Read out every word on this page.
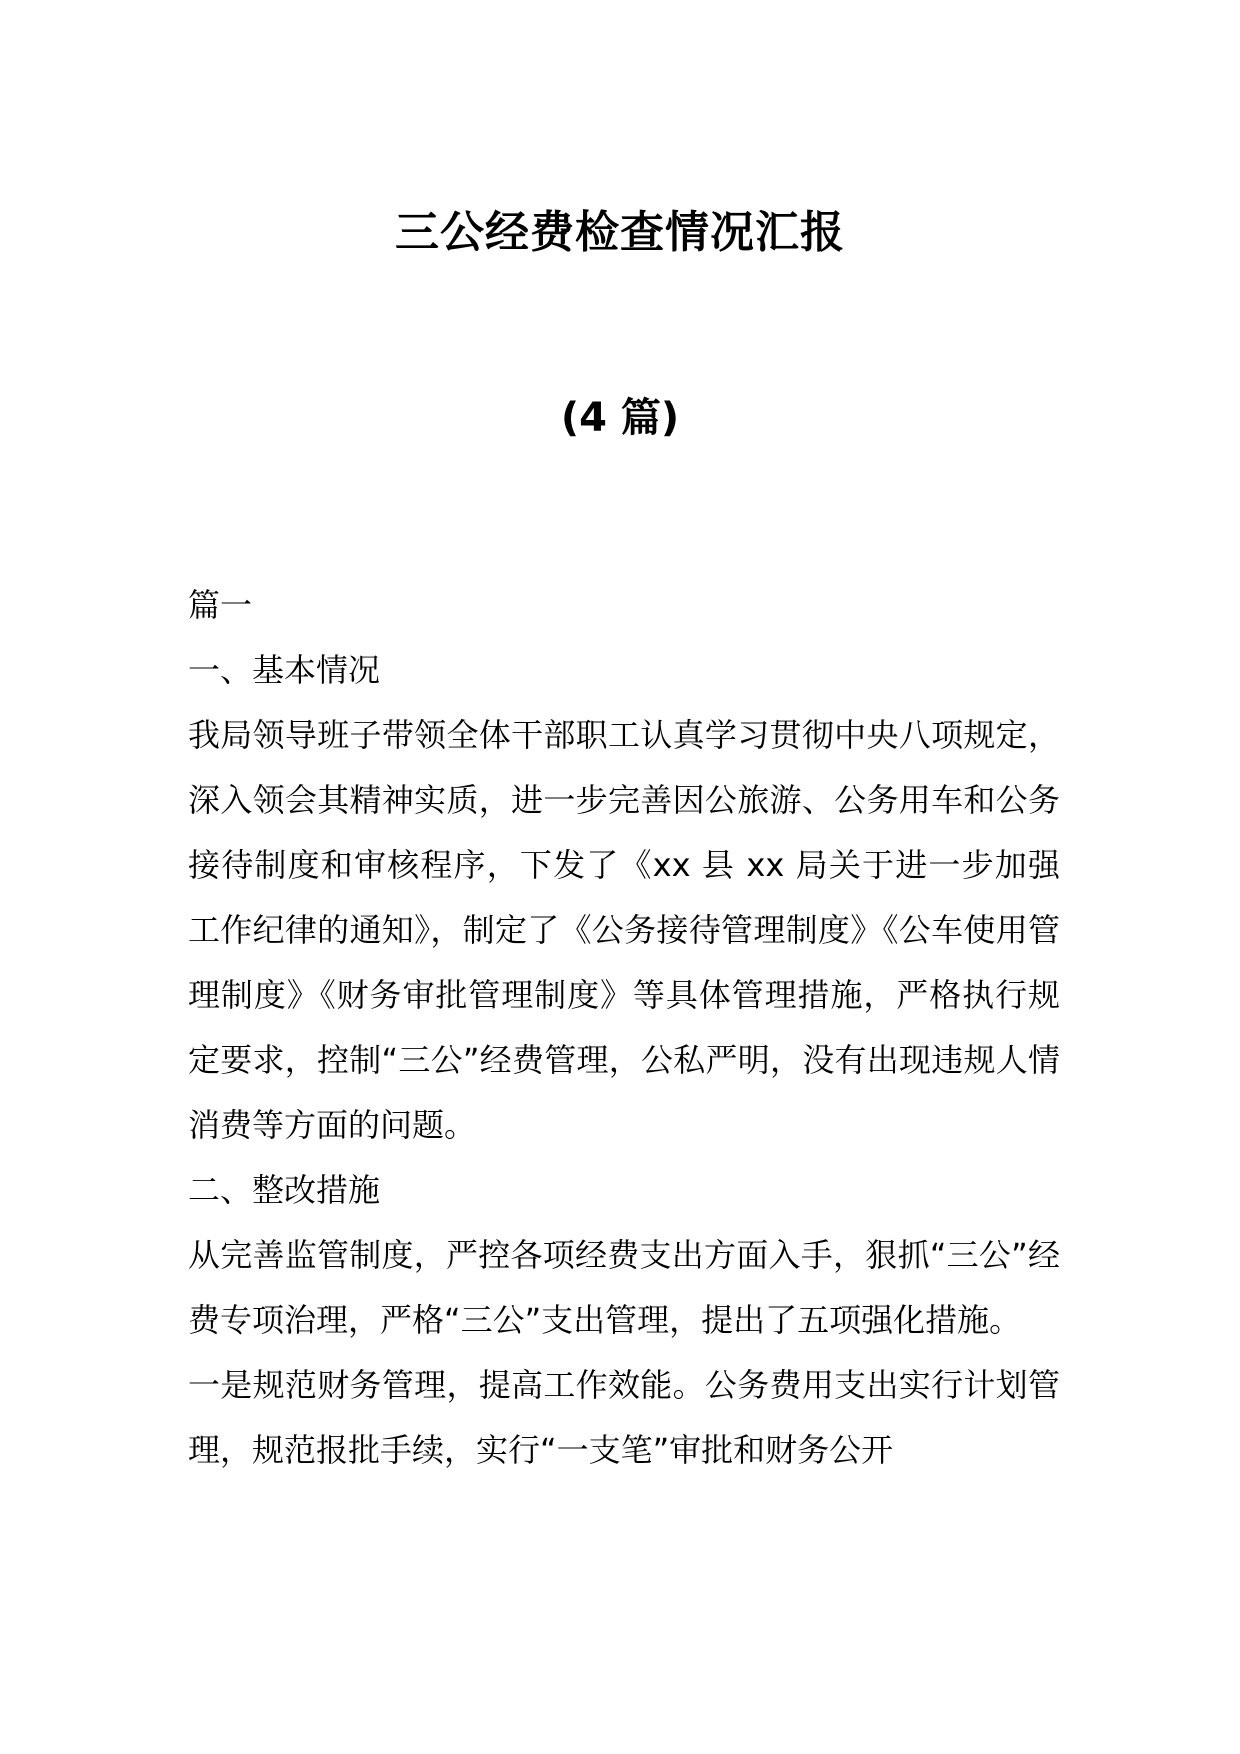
三公经费检查情况汇报
(4 篇)

篇一

一、基本情况

我局领导班子带领全体干部职工认真学习贯彻中央八项规定，深入领会其精神实质，进一步完善因公旅游、公务用车和公务接待制度和审核程序，下发了《xx 县 xx 局关于进一步加强工作纪律的通知》，制定了《公务接待管理制度》《公车使用管理制度》《财务审批管理制度》等具体管理措施，严格执行规定要求，控制“三公”经费管理，公私严明，没有出现违规人情消费等方面的问题。

二、整改措施

从完善监管制度，严控各项经费支出方面入手，狠抓“三公”经费专项治理，严格“三公”支出管理，提出了五项强化措施。

一是规范财务管理，提高工作效能。公务费用支出实行计划管理，规范报批手续，实行“一支笔”审批和财务公开
